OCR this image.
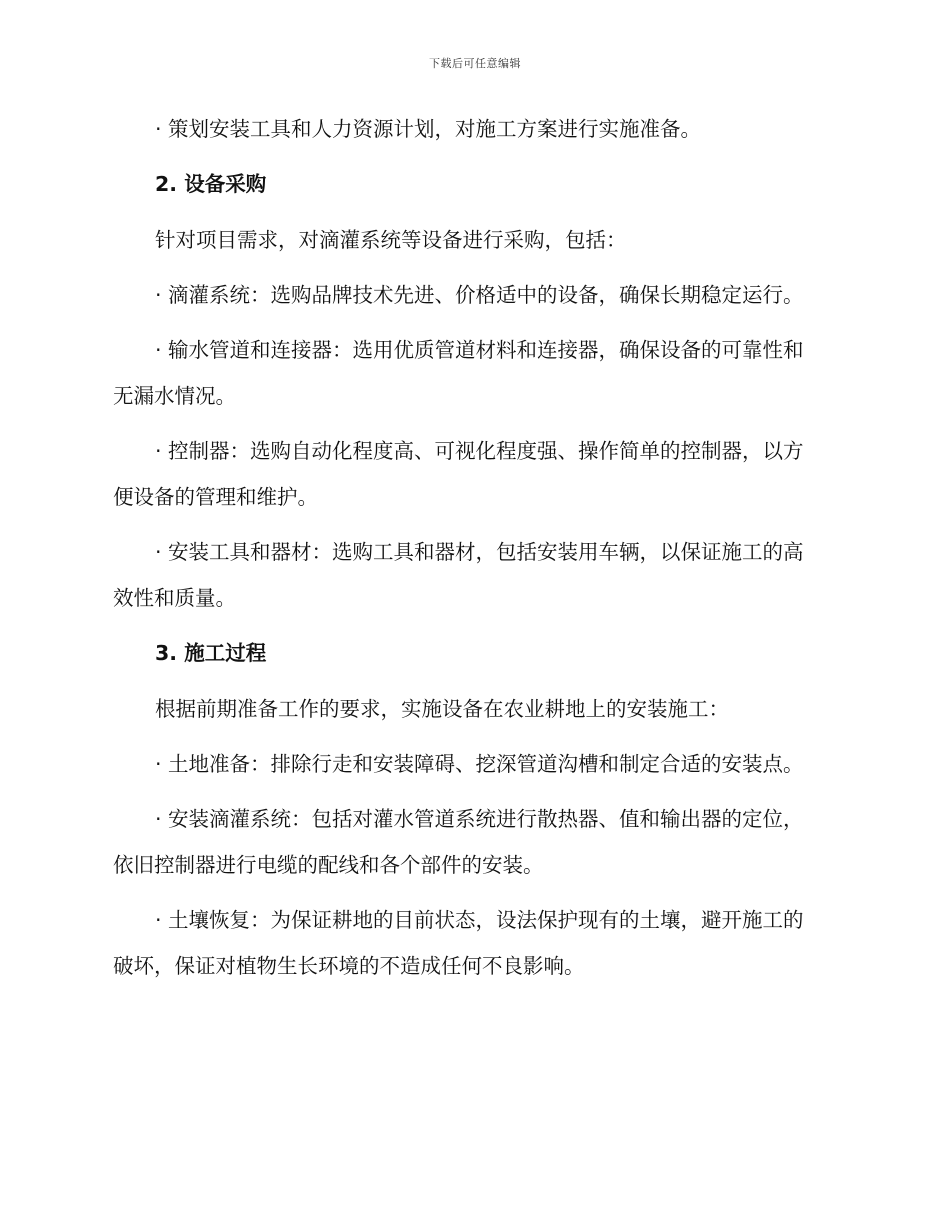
下载后可任意编辑

· 策划安装工具和人力资源计划，对施工方案进行实施准备。

2. 设备采购

针对项目需求，对滴灌系统等设备进行采购，包括：

· 滴灌系统：选购品牌技术先进、价格适中的设备，确保长期稳定运行。

· 输水管道和连接器：选用优质管道材料和连接器，确保设备的可靠性和无漏水情况。

· 控制器：选购自动化程度高、可视化程度强、操作简单的控制器，以方便设备的管理和维护。

· 安装工具和器材：选购工具和器材，包括安装用车辆，以保证施工的高效性和质量。

3. 施工过程

根据前期准备工作的要求，实施设备在农业耕地上的安装施工：

· 土地准备：排除行走和安装障碍、挖深管道沟槽和制定合适的安装点。

· 安装滴灌系统：包括对灌水管道系统进行散热器、值和输出器的定位，依旧控制器进行电缆的配线和各个部件的安装。

· 土壤恢复：为保证耕地的目前状态，设法保护现有的土壤，避开施工的破坏，保证对植物生长环境的不造成任何不良影响。
